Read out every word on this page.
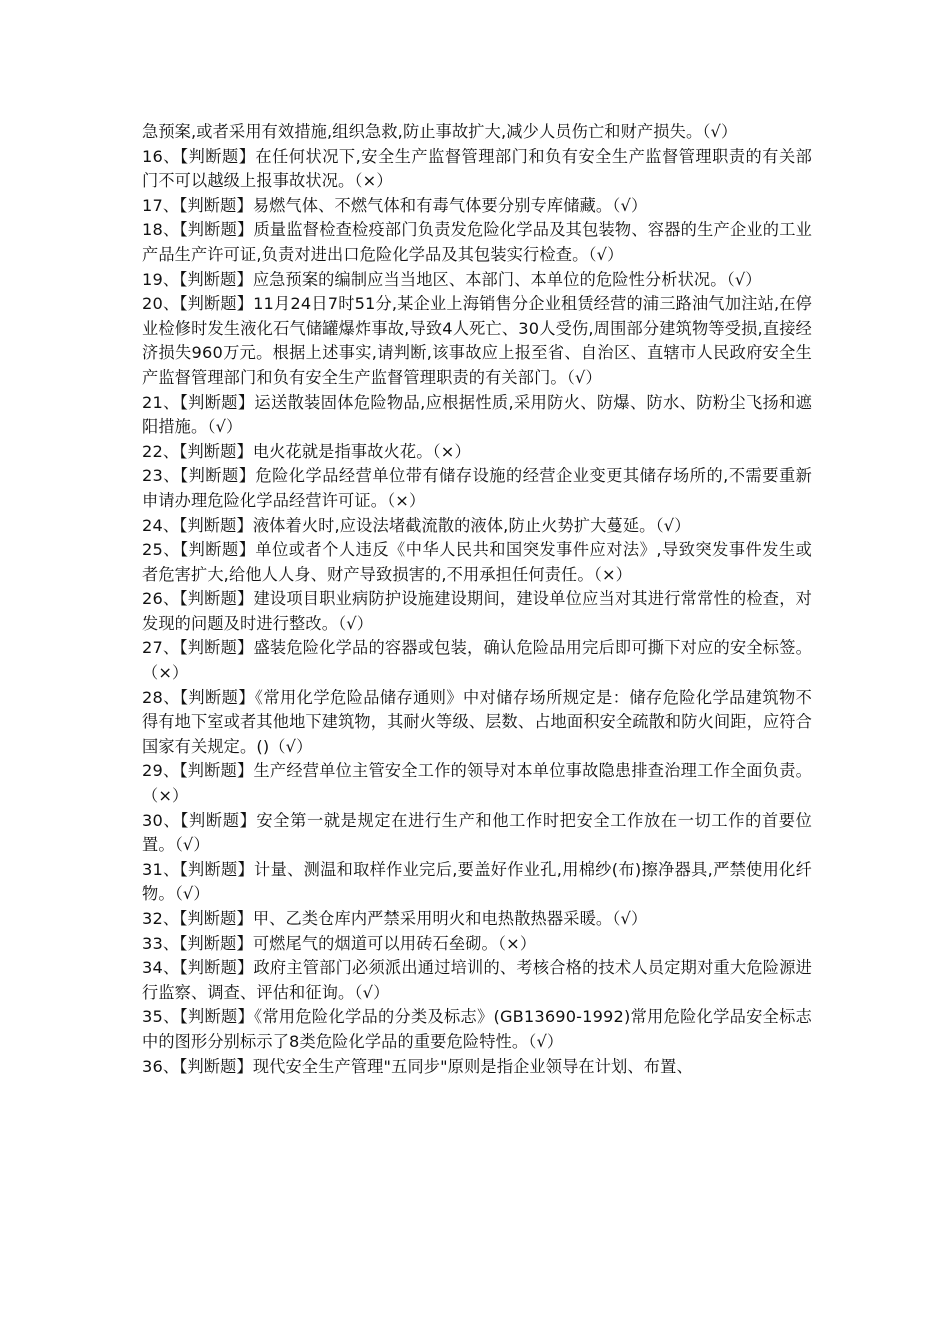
急预案,或者采用有效措施,组织急救,防止事故扩大,减少人员伤亡和财产损失。（√）

16、【判断题】在任何状况下,安全生产监督管理部门和负有安全生产监督管理职责的有关部门不可以越级上报事故状况。（×）

17、【判断题】易燃气体、不燃气体和有毒气体要分别专库储藏。（√）

18、【判断题】质量监督检查检疫部门负责发危险化学品及其包装物、容器的生产企业的工业产品生产许可证,负责对进出口危险化学品及其包装实行检查。（√）

19、【判断题】应急预案的编制应当当地区、本部门、本单位的危险性分析状况。（√）

20、【判断题】11月24日7时51分,某企业上海销售分企业租赁经营的浦三路油气加注站,在停业检修时发生液化石气储罐爆炸事故,导致4人死亡、30人受伤,周围部分建筑物等受损,直接经济损失960万元。根据上述事实,请判断,该事故应上报至省、自治区、直辖市人民政府安全生产监督管理部门和负有安全生产监督管理职责的有关部门。（√）

21、【判断题】运送散装固体危险物品,应根据性质,采用防火、防爆、防水、防粉尘飞扬和遮阳措施。（√）

22、【判断题】电火花就是指事故火花。（×）

23、【判断题】危险化学品经营单位带有储存设施的经营企业变更其储存场所的,不需要重新申请办理危险化学品经营许可证。（×）

24、【判断题】液体着火时,应设法堵截流散的液体,防止火势扩大蔓延。（√）

25、【判断题】单位或者个人违反《中华人民共和国突发事件应对法》,导致突发事件发生或者危害扩大,给他人人身、财产导致损害的,不用承担任何责任。（×）

26、【判断题】建设项目职业病防护设施建设期间，建设单位应当对其进行常常性的检查，对发现的问题及时进行整改。（√）

27、【判断题】盛装危险化学品的容器或包装，确认危险品用完后即可撕下对应的安全标签。（×）

28、【判断题】《常用化学危险品储存通则》中对储存场所规定是：储存危险化学品建筑物不得有地下室或者其他地下建筑物，其耐火等级、层数、占地面积安全疏散和防火间距，应符合国家有关规定。()（√）

29、【判断题】生产经营单位主管安全工作的领导对本单位事故隐患排查治理工作全面负责。（×）

30、【判断题】安全第一就是规定在进行生产和他工作时把安全工作放在一切工作的首要位置。（√）

31、【判断题】计量、测温和取样作业完后,要盖好作业孔,用棉纱(布)擦净器具,严禁使用化纤物。（√）

32、【判断题】甲、乙类仓库内严禁采用明火和电热散热器采暖。（√）

33、【判断题】可燃尾气的烟道可以用砖石垒砌。（×）

34、【判断题】政府主管部门必须派出通过培训的、考核合格的技术人员定期对重大危险源进行监察、调查、评估和征询。（√）

35、【判断题】《常用危险化学品的分类及标志》(GB13690-1992)常用危险化学品安全标志中的图形分别标示了8类危险化学品的重要危险特性。（√）

36、【判断题】现代安全生产管理"五同步"原则是指企业领导在计划、布置、
